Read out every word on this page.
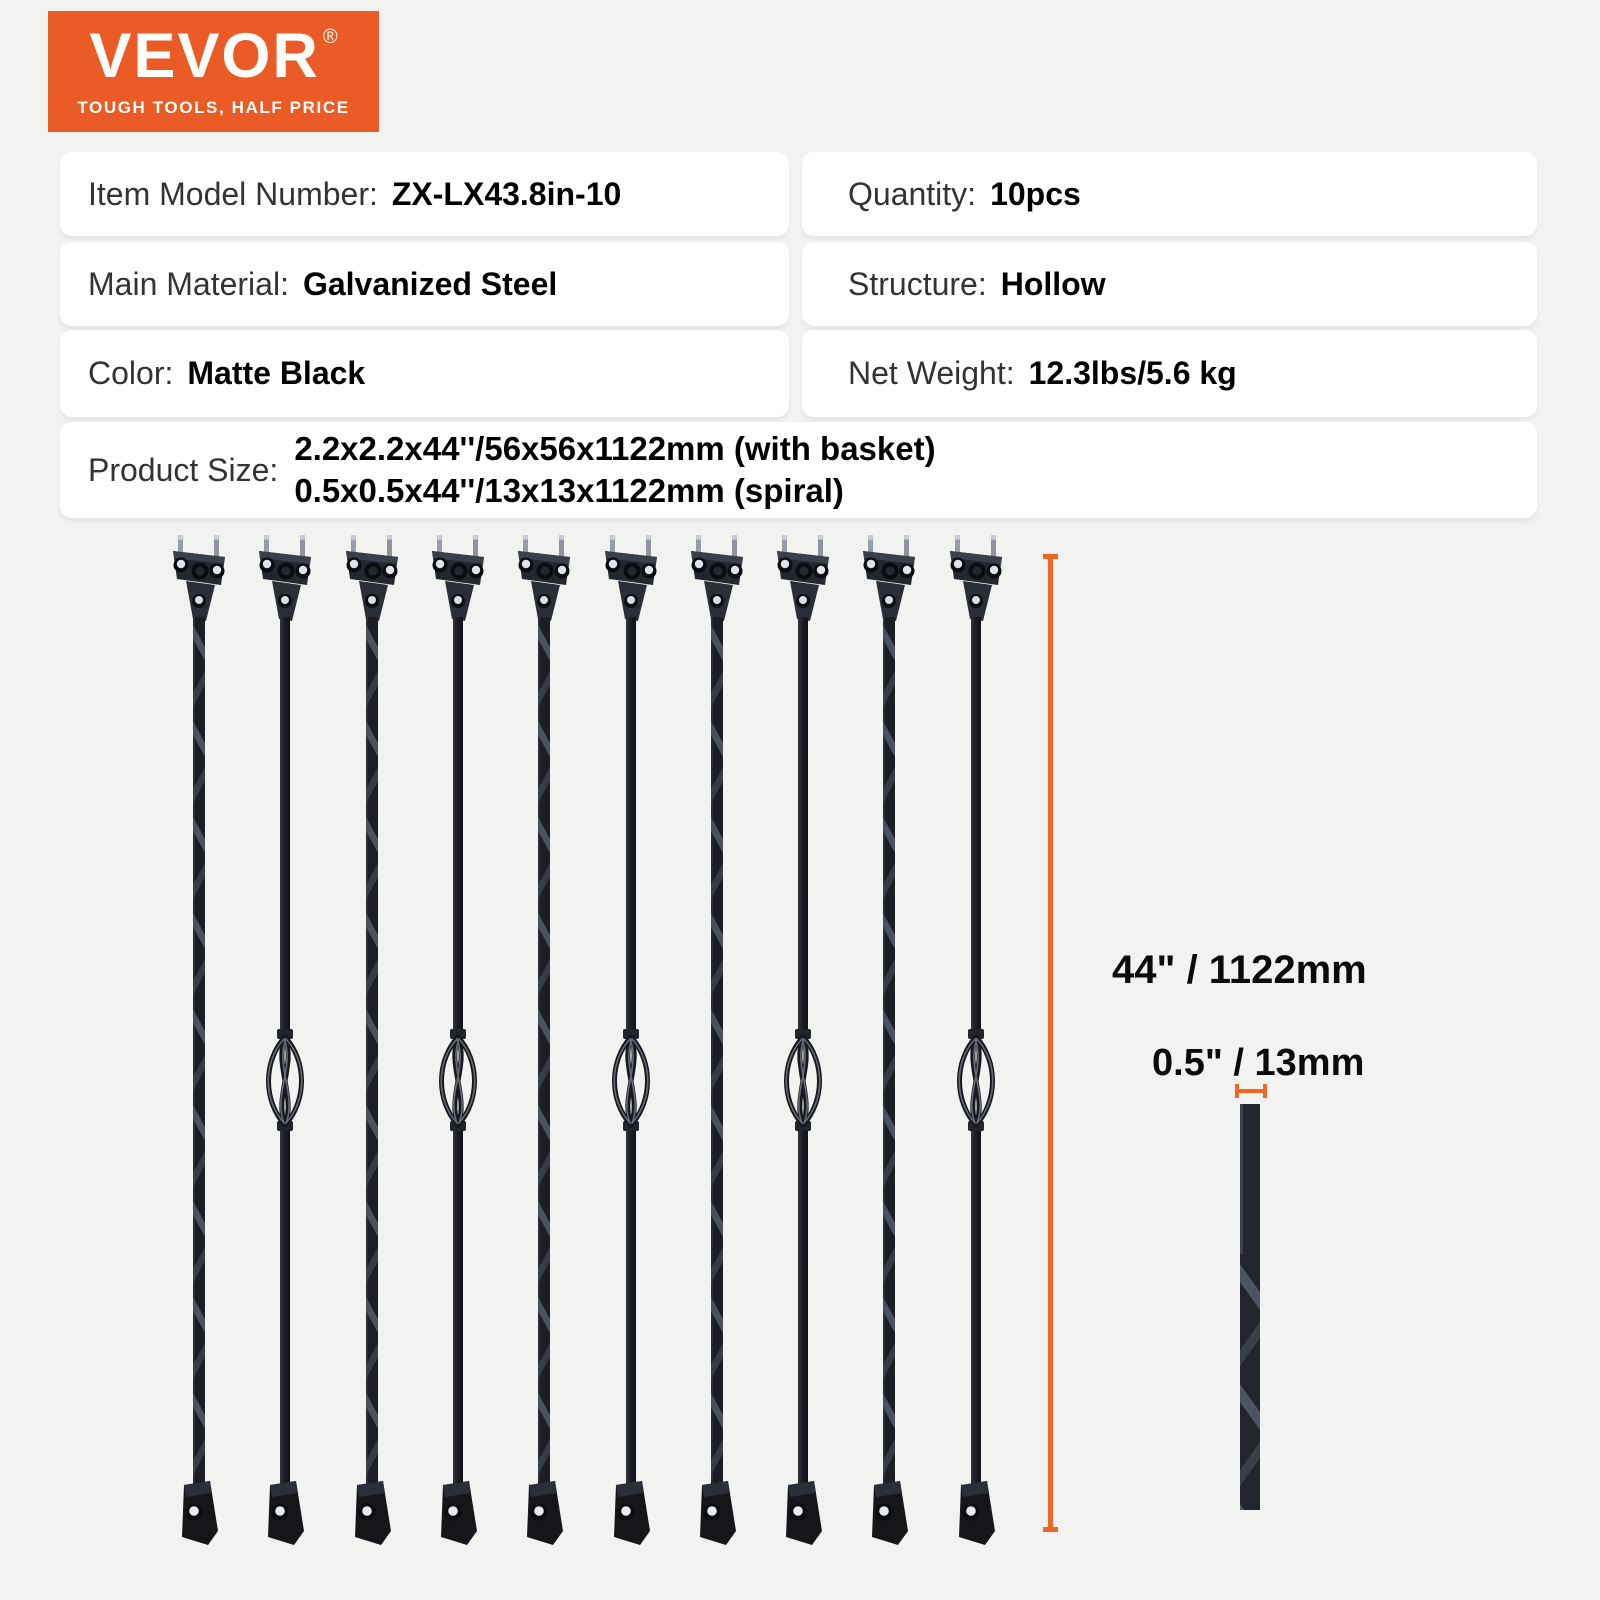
VEVOR ®
TOUGH TOOLS, HALF PRICE
Item Model Number: ZX-LX43.8in-10	Quantity: 10pcs
Main Material: Galvanized Steel	Structure: Hollow
Color: Matte Black	Net Weight: 12.3lbs/5.6 kg
Product Size:
2.2x2.2x44''/56x56x1122mm (with basket)
0.5x0.5x44''/13x13x1122mm (spiral)
44" / 1122mm
0.5" / 13mm
